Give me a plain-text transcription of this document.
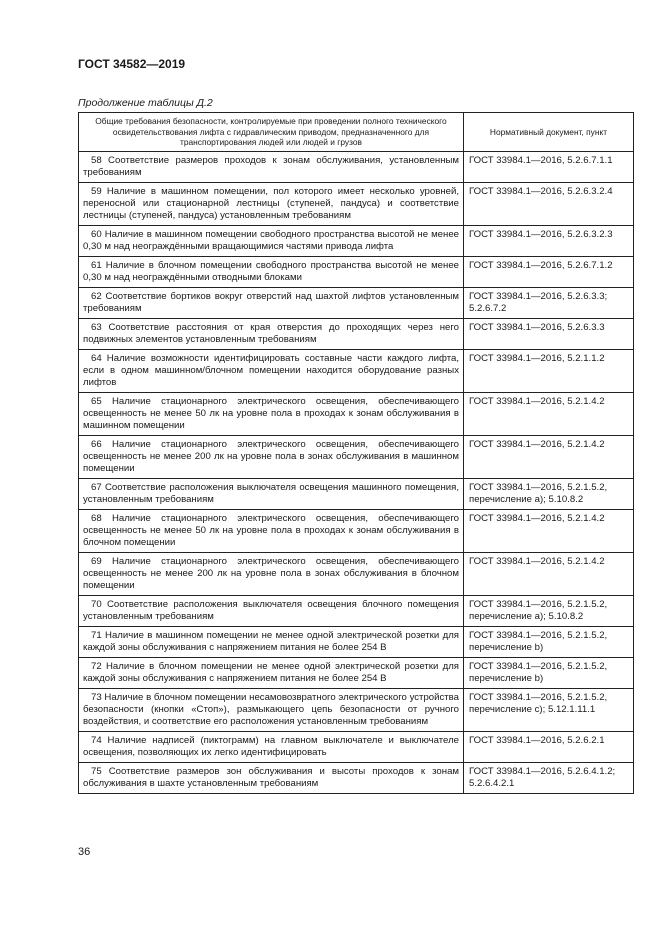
ГОСТ 34582—2019
Продолжение таблицы Д.2
Общие требования безопасности, контролируемые при проведении полного технического освидетельствования лифта с гидравлическим приводом, предназначенного для транспортирования людей или людей и грузов	Нормативный документ, пункт
58 Соответствие размеров проходов к зонам обслуживания, установленным требованиям	ГОСТ 33984.1—2016, 5.2.6.7.1.1
59 Наличие в машинном помещении, пол которого имеет несколько уровней, переносной или стационарной лестницы (ступеней, пандуса) и соответствие лестницы (ступеней, пандуса) установленным требованиям	ГОСТ 33984.1—2016, 5.2.6.3.2.4
60 Наличие в машинном помещении свободного пространства высотой не менее 0,30 м над неограждёнными вращающимися частями привода лифта	ГОСТ 33984.1—2016, 5.2.6.3.2.3
61 Наличие в блочном помещении свободного пространства высотой не менее 0,30 м над неограждёнными отводными блоками	ГОСТ 33984.1—2016, 5.2.6.7.1.2
62 Соответствие бортиков вокруг отверстий над шахтой лифтов установленным требованиям	ГОСТ 33984.1—2016, 5.2.6.3.3; 5.2.6.7.2
63 Соответствие расстояния от края отверстия до проходящих через него подвижных элементов установленным требованиям	ГОСТ 33984.1—2016, 5.2.6.3.3
64 Наличие возможности идентифицировать составные части каждого лифта, если в одном машинном/блочном помещении находится оборудование разных лифтов	ГОСТ 33984.1—2016, 5.2.1.1.2
65 Наличие стационарного электрического освещения, обеспечивающего освещенность не менее 50 лк на уровне пола в проходах к зонам обслуживания в машинном помещении	ГОСТ 33984.1—2016, 5.2.1.4.2
66 Наличие стационарного электрического освещения, обеспечивающего освещенность не менее 200 лк на уровне пола в зонах обслуживания в машинном помещении	ГОСТ 33984.1—2016, 5.2.1.4.2
67 Соответствие расположения выключателя освещения машинного помещения, установленным требованиям	ГОСТ 33984.1—2016, 5.2.1.5.2, перечисление a); 5.10.8.2
68 Наличие стационарного электрического освещения, обеспечивающего освещенность не менее 50 лк на уровне пола в проходах к зонам обслуживания в блочном помещении	ГОСТ 33984.1—2016, 5.2.1.4.2
69 Наличие стационарного электрического освещения, обеспечивающего освещенность не менее 200 лк на уровне пола в зонах обслуживания в блочном помещении	ГОСТ 33984.1—2016, 5.2.1.4.2
70 Соответствие расположения выключателя освещения блочного помещения установленным требованиям	ГОСТ 33984.1—2016, 5.2.1.5.2, перечисление a); 5.10.8.2
71 Наличие в машинном помещении не менее одной электрической розетки для каждой зоны обслуживания с напряжением питания не более 254 В	ГОСТ 33984.1—2016, 5.2.1.5.2, перечисление b)
72 Наличие в блочном помещении не менее одной электрической розетки для каждой зоны обслуживания с напряжением питания не более 254 В	ГОСТ 33984.1—2016, 5.2.1.5.2, перечисление b)
73 Наличие в блочном помещении несамовозвратного электрического устройства безопасности (кнопки «Стоп»), размыкающего цепь безопасности от ручного воздействия, и соответствие его расположения установленным требованиям	ГОСТ 33984.1—2016, 5.2.1.5.2, перечисление c); 5.12.1.11.1
74 Наличие надписей (пиктограмм) на главном выключателе и выключателе освещения, позволяющих их легко идентифицировать	ГОСТ 33984.1—2016, 5.2.6.2.1
75 Соответствие размеров зон обслуживания и высоты проходов к зонам обслуживания в шахте установленным требованиям	ГОСТ 33984.1—2016, 5.2.6.4.1.2; 5.2.6.4.2.1
36
